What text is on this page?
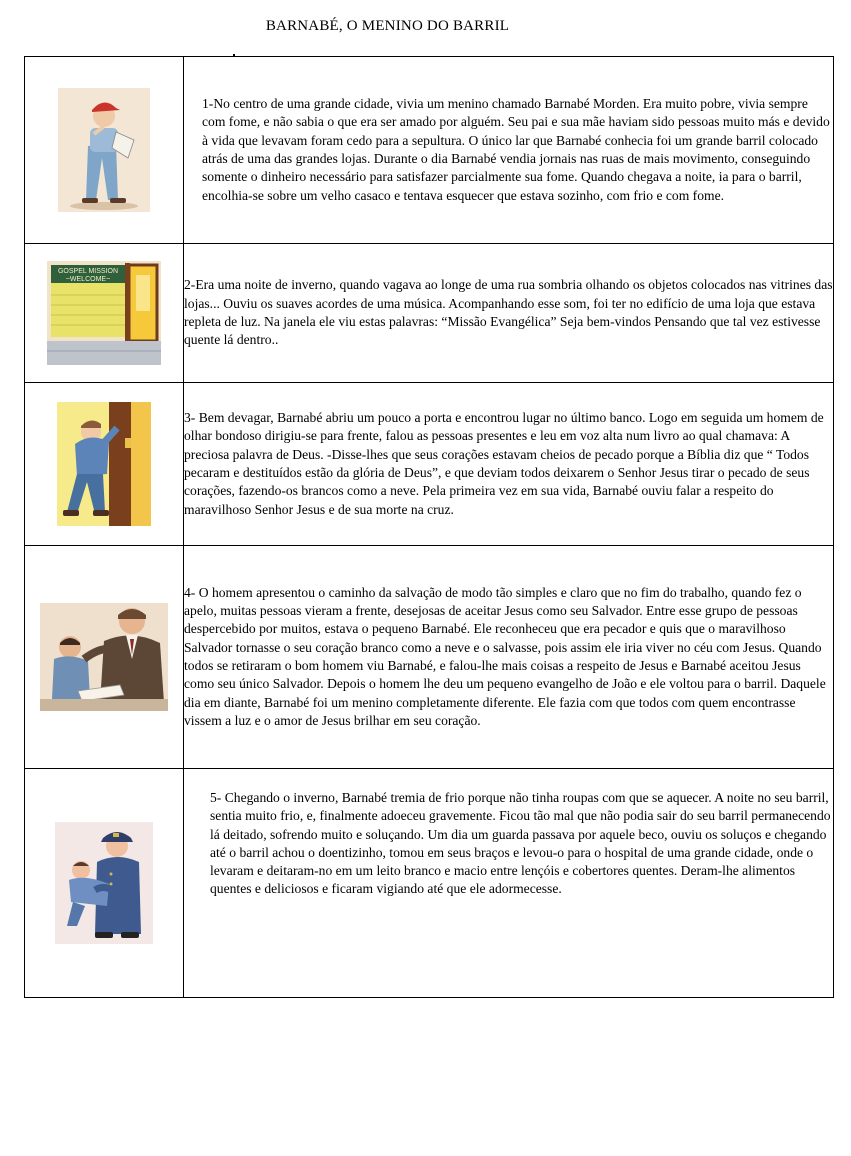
BARNABÉ, O MENINO DO BARRIL
	1-No centro de uma grande cidade, vivia um menino chamado Barnabé Morden. Era muito pobre, vivia sempre com fome, e não sabia o que era ser amado por alguém. Seu pai e sua mãe haviam sido pessoas muito más e devido à vida que levavam foram cedo para a sepultura. O único lar que Barnabé conhecia foi um grande barril colocado atrás de uma das grandes lojas. Durante o dia Barnabé vendia jornais nas ruas de mais movimento, conseguindo somente o dinheiro necessário para satisfazer parcialmente sua fome. Quando chegava a noite, ia para o barril, encolhia-se sobre um velho casaco e tentava esquecer que estava sozinho, com frio e com fome.

GOSPEL MISSION
~WELCOME~	2-Era uma noite de inverno, quando vagava ao longe de uma rua sombria olhando os objetos colocados nas vitrines das lojas... Ouviu os suaves acordes de uma música. Acompanhando esse som, foi ter no edifício de uma loja que estava repleta de luz. Na janela ele viu estas palavras: “Missão Evangélica” Seja bem-vindos Pensando que tal vez estivesse quente lá dentro..

	3- Bem devagar, Barnabé abriu um pouco a porta e encontrou lugar no último banco. Logo em seguida um homem de olhar bondoso dirigiu-se para frente, falou as pessoas presentes e leu em voz alta num livro ao qual chamava: A preciosa palavra de Deus. -Disse-lhes que seus corações estavam cheios de pecado porque a Bíblia diz que “ Todos pecaram e destituídos estão da glória de Deus”, e que deviam todos deixarem o Senhor Jesus tirar o pecado de seus corações, fazendo-os brancos como a neve. Pela primeira vez em sua vida, Barnabé ouviu falar a respeito do maravilhoso Senhor Jesus e de sua morte na cruz.

	4- O homem apresentou o caminho da salvação de modo tão simples e claro que no fim do trabalho, quando fez o apelo, muitas pessoas vieram a frente, desejosas de aceitar Jesus como seu Salvador. Entre esse grupo de pessoas despercebido por muitos, estava o pequeno Barnabé. Ele reconheceu que era pecador e quis que o maravilhoso Salvador tornasse o seu coração branco como a neve e o salvasse, pois assim ele iria viver no céu com Jesus. Quando todos se retiraram o bom homem viu Barnabé, e falou-lhe mais coisas a respeito de Jesus e Barnabé aceitou Jesus como seu único Salvador. Depois o homem lhe deu um pequeno evangelho de João e ele voltou para o barril. Daquele dia em diante, Barnabé foi um menino completamente diferente. Ele fazia com que todos com quem encontrasse vissem a luz e o amor de Jesus brilhar em seu coração.

	5- Chegando o inverno, Barnabé tremia de frio porque não tinha roupas com que se aquecer. A noite no seu barril, sentia muito frio, e, finalmente adoeceu gravemente. Ficou tão mal que não podia sair do seu barril permanecendo lá deitado, sofrendo muito e soluçando. Um dia um guarda passava por aquele beco, ouviu os soluços e chegando até o barril achou o doentizinho, tomou em seus braços e levou-o para o hospital de uma grande cidade, onde o levaram e deitaram-no em um leito branco e macio entre lençóis e cobertores quentes. Deram-lhe alimentos quentes e deliciosos e ficaram vigiando até que ele adormecesse.
